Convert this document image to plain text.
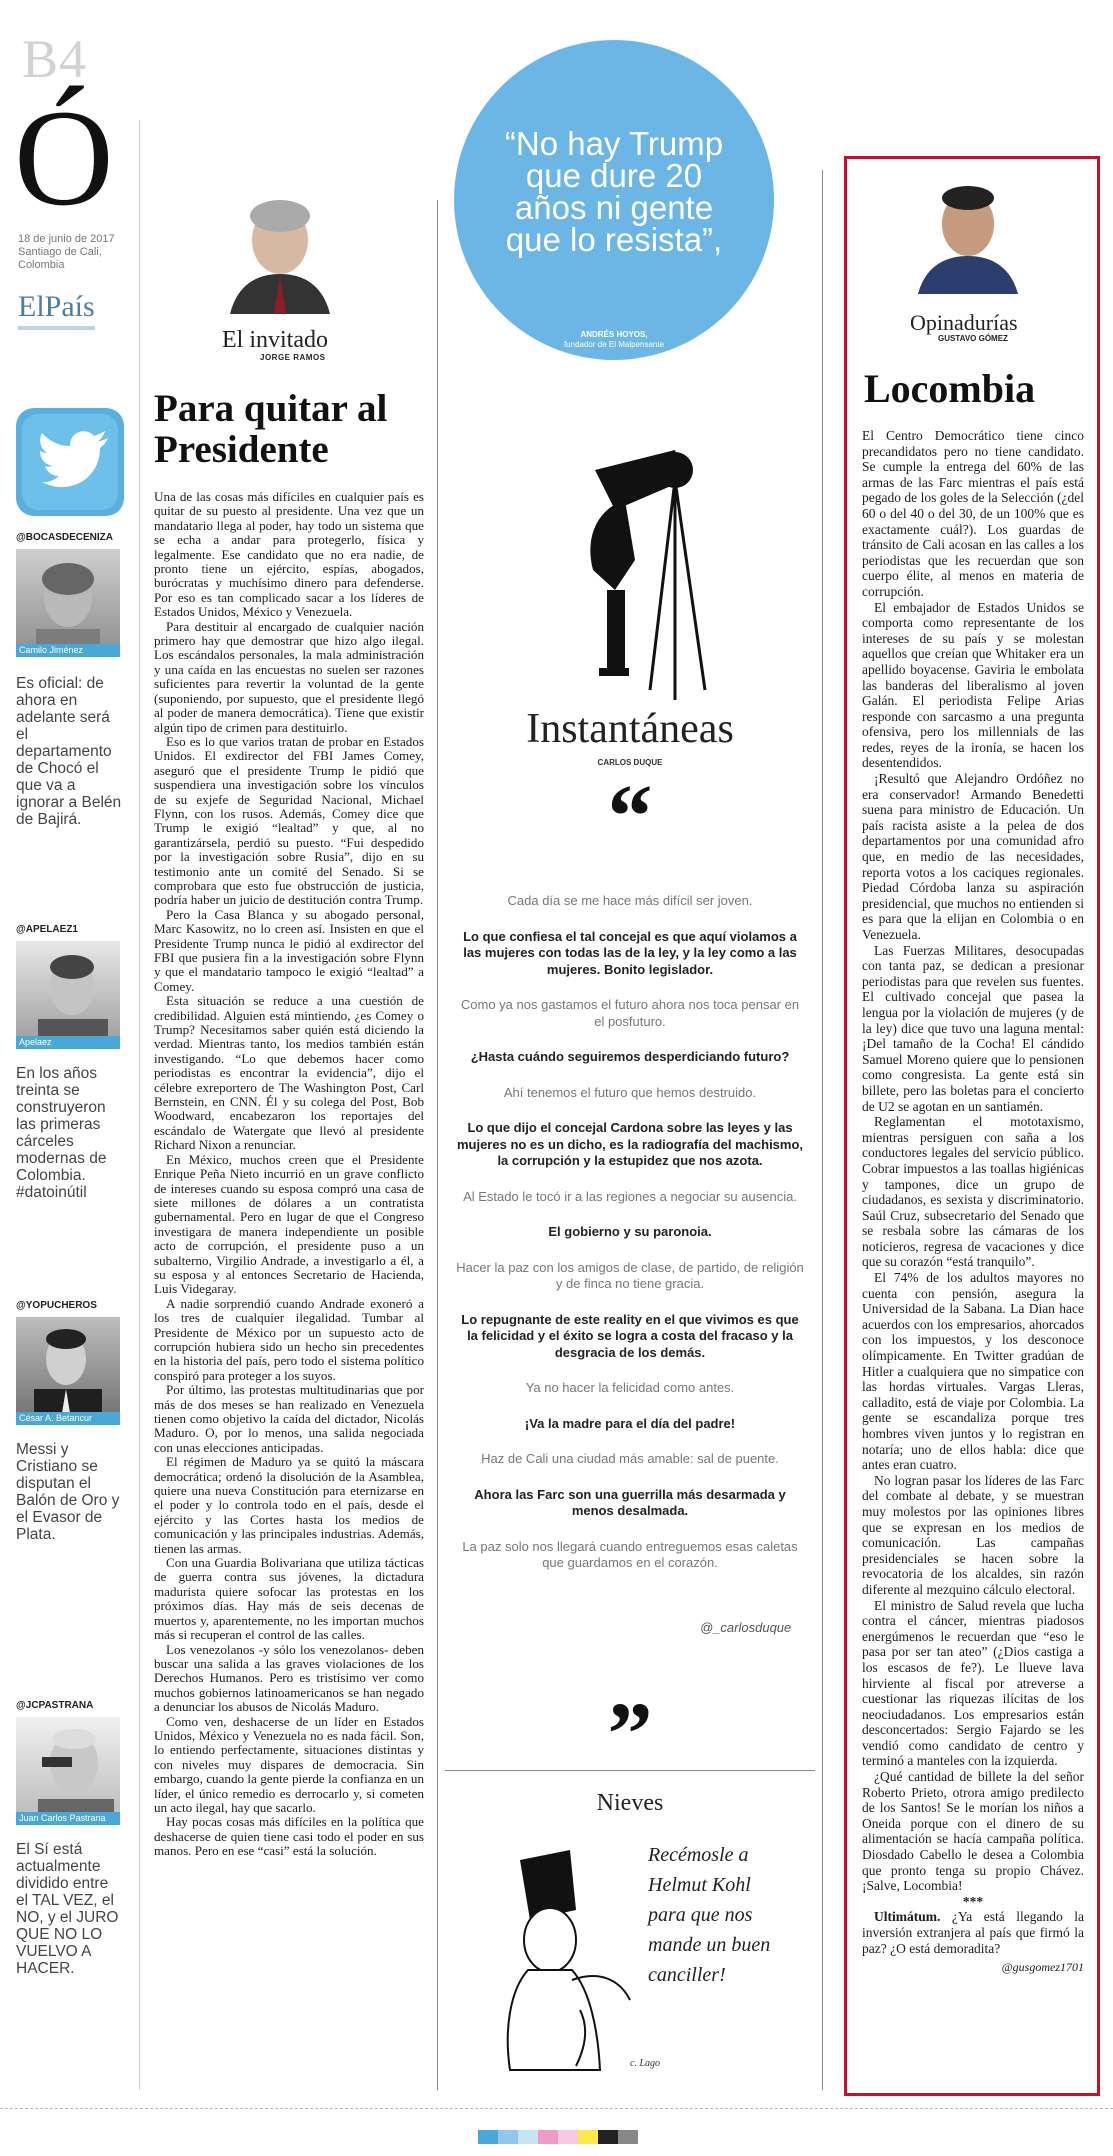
B4
Ó
18 de junio de 2017 Santiago de Cali, Colombia
ElPaís
@BOCASDECENIZA
Camilo Jiménez
Es oficial: de ahora en adelante será el departamento de Chocó el que va a ignorar a Belén de Bajirá.
@APELAEZ1
Apelaez
En los años treinta se construyeron las primeras cárceles modernas de Colombia. #datoinútil
@YOPUCHEROS
César A. Betancur
Messi y Cristiano se disputan el Balón de Oro y el Evasor de Plata.
@JCPASTRANA
Juan Carlos Pastrana
El Sí está actualmente dividido entre el TAL VEZ, el NO, y el JURO QUE NO LO VUELVO A HACER.
El invitado
JORGE RAMOS
Para quitar al
Presidente

Una de las cosas más difíciles en cualquier país es quitar de su puesto al presidente. Una vez que un mandatario llega al poder, hay todo un sistema que se echa a andar para protegerlo, física y legalmente. Ese candidato que no era nadie, de pronto tiene un ejército, espías, abogados, burócratas y muchísimo dinero para defenderse. Por eso es tan complicado sacar a los líderes de Estados Unidos, México y Venezuela.

Para destituir al encargado de cualquier nación primero hay que demostrar que hizo algo ilegal. Los escándalos personales, la mala administración y una caída en las encuestas no suelen ser razones suficientes para revertir la voluntad de la gente (suponiendo, por supuesto, que el presidente llegó al poder de manera democrática). Tiene que existir algún tipo de crimen para destituirlo.

Eso es lo que varios tratan de probar en Estados Unidos. El exdirector del FBI James Comey, aseguró que el presidente Trump le pidió que suspendiera una investigación sobre los vínculos de su exjefe de Seguridad Nacional, Michael Flynn, con los rusos. Además, Comey dice que Trump le exigió “lealtad” y que, al no garantizársela, perdió su puesto. “Fui despedido por la investigación sobre Rusia”, dijo en su testimonio ante un comité del Senado. Si se comprobara que esto fue obstrucción de justicia, podría haber un juicio de destitución contra Trump.

Pero la Casa Blanca y su abogado personal, Marc Kasowitz, no lo creen así. Insisten en que el Presidente Trump nunca le pidió al exdirector del FBI que pusiera fin a la investigación sobre Flynn y que el mandatario tampoco le exigió “lealtad” a Comey.

Esta situación se reduce a una cuestión de credibilidad. Alguien está mintiendo, ¿es Comey o Trump? Necesitamos saber quién está diciendo la verdad. Mientras tanto, los medios también están investigando. “Lo que debemos hacer como periodistas es encontrar la evidencia”, dijo el célebre exreportero de The Washington Post, Carl Bernstein, en CNN. Él y su colega del Post, Bob Woodward, encabezaron los reportajes del escándalo de Watergate que llevó al presidente Richard Nixon a renunciar.

En México, muchos creen que el Presidente Enrique Peña Nieto incurrió en un grave conflicto de intereses cuando su esposa compró una casa de siete millones de dólares a un contratista gubernamental. Pero en lugar de que el Congreso investigara de manera independiente un posible acto de corrupción, el presidente puso a un subalterno, Virgilio Andrade, a investigarlo a él, a su esposa y al entonces Secretario de Hacienda, Luis Videgaray.

A nadie sorprendió cuando Andrade exoneró a los tres de cualquier ilegalidad. Tumbar al Presidente de México por un supuesto acto de corrupción hubiera sido un hecho sin precedentes en la historia del país, pero todo el sistema político conspiró para proteger a los suyos.

Por último, las protestas multitudinarias que por más de dos meses se han realizado en Venezuela tienen como objetivo la caída del dictador, Nicolás Maduro. O, por lo menos, una salida negociada con unas elecciones anticipadas.

El régimen de Maduro ya se quitó la máscara democrática; ordenó la disolución de la Asamblea, quiere una nueva Constitución para eternizarse en el poder y lo controla todo en el país, desde el ejército y las Cortes hasta los medios de comunicación y las principales industrias. Además, tienen las armas.

Con una Guardia Bolivariana que utiliza tácticas de guerra contra sus jóvenes, la dictadura madurista quiere sofocar las protestas en los próximos días. Hay más de seis decenas de muertos y, aparentemente, no les importan muchos más si recuperan el control de las calles.

Los venezolanos -y sólo los venezolanos- deben buscar una salida a las graves violaciones de los Derechos Humanos. Pero es tristísimo ver como muchos gobiernos latinoamericanos se han negado a denunciar los abusos de Nicolás Maduro.

Como ven, deshacerse de un líder en Estados Unidos, México y Venezuela no es nada fácil. Son, lo entiendo perfectamente, situaciones distintas y con niveles muy dispares de democracia. Sin embargo, cuando la gente pierde la confianza en un líder, el único remedio es derrocarlo y, si cometen un acto ilegal, hay que sacarlo.

Hay pocas cosas más difíciles en la política que deshacerse de quien tiene casi todo el poder en sus manos. Pero en ese “casi” está la solución.

“No hay Trump que dure 20 años ni gente que lo resista”,
ANDRÉS HOYOS,
fundador de El Malpensante
Instantáneas
CARLOS DUQUE
“

Cada día se me hace más difícil ser joven.

Lo que confiesa el tal concejal es que aquí violamos a las mujeres con todas las de la ley, y la ley como a las mujeres. Bonito legislador.

Como ya nos gastamos el futuro ahora nos toca pensar en el posfuturo.

¿Hasta cuándo seguiremos desperdiciando futuro?

Ahí tenemos el futuro que hemos destruido.

Lo que dijo el concejal Cardona sobre las leyes y las mujeres no es un dicho, es la radiografía del machismo, la corrupción y la estupidez que nos azota.

Al Estado le tocó ir a las regiones a negociar su ausencia.

El gobierno y su paronoia.

Hacer la paz con los amigos de clase, de partido, de religión y de finca no tiene gracia.

Lo repugnante de este reality en el que vivimos es que la felicidad y el éxito se logra a costa del fracaso y la desgracia de los demás.

Ya no hacer la felicidad como antes.

¡Va la madre para el día del padre!

Haz de Cali una ciudad más amable: sal de puente.

Ahora las Farc son una guerrilla más desarmada y menos desalmada.

La paz solo nos llegará cuando entreguemos esas caletas que guardamos en el corazón.

@_carlosduque
”
Nieves
Recémosle a Helmut Kohl para que nos mande un buen canciller!
c. Lago
Opinadurías
GUSTAVO GÓMEZ
Locombia

El Centro Democrático tiene cinco precandidatos pero no tiene candidato. Se cumple la entrega del 60% de las armas de las Farc mientras el país está pegado de los goles de la Selección (¿del 60 o del 40 o del 30, de un 100% que es exactamente cuál?). Los guardas de tránsito de Cali acosan en las calles a los periodistas que les recuerdan que son cuerpo élite, al menos en materia de corrupción.

El embajador de Estados Unidos se comporta como representante de los intereses de su país y se molestan aquellos que creían que Whitaker era un apellido boyacense. Gaviria le embolata las banderas del liberalismo al joven Galán. El periodista Felipe Arias responde con sarcasmo a una pregunta ofensiva, pero los millennials de las redes, reyes de la ironía, se hacen los desentendidos.

¡Resultó que Alejandro Ordóñez no era conservador! Armando Benedetti suena para ministro de Educación. Un país racista asiste a la pelea de dos departamentos por una comunidad afro que, en medio de las necesidades, reporta votos a los caciques regionales. Piedad Córdoba lanza su aspiración presidencial, que muchos no entienden si es para que la elijan en Colombia o en Venezuela.

Las Fuerzas Militares, desocupadas con tanta paz, se dedican a presionar periodistas para que revelen sus fuentes. El cultivado concejal que pasea la lengua por la violación de mujeres (y de la ley) dice que tuvo una laguna mental: ¡Del tamaño de la Cocha! El cándido Samuel Moreno quiere que lo pensionen como congresista. La gente está sin billete, pero las boletas para el concierto de U2 se agotan en un santiamén.

Reglamentan el mototaxismo, mientras persiguen con saña a los conductores legales del servicio público. Cobrar impuestos a las toallas higiénicas y tampones, dice un grupo de ciudadanos, es sexista y discriminatorio. Saúl Cruz, subsecretario del Senado que se resbala sobre las cámaras de los noticieros, regresa de vacaciones y dice que su corazón “está tranquilo”.

El 74% de los adultos mayores no cuenta con pensión, asegura la Universidad de la Sabana. La Dian hace acuerdos con los empresarios, ahorcados con los impuestos, y los desconoce olímpicamente. En Twitter gradúan de Hitler a cualquiera que no simpatice con las hordas virtuales. Vargas Lleras, calladito, está de viaje por Colombia. La gente se escandaliza porque tres hombres viven juntos y lo registran en notaría; uno de ellos habla: dice que antes eran cuatro.

No logran pasar los líderes de las Farc del combate al debate, y se muestran muy molestos por las opiniones libres que se expresan en los medios de comunicación. Las campañas presidenciales se hacen sobre la revocatoria de los alcaldes, sin razón diferente al mezquino cálculo electoral.

El ministro de Salud revela que lucha contra el cáncer, mientras piadosos energúmenos le recuerdan que “eso le pasa por ser tan ateo” (¿Dios castiga a los escasos de fe?). Le llueve lava hirviente al fiscal por atreverse a cuestionar las riquezas ilícitas de los neociudadanos. Los empresarios están desconcertados: Sergio Fajardo se les vendió como candidato de centro y terminó a manteles con la izquierda.

¿Qué cantidad de billete la del señor Roberto Prieto, otrora amigo predilecto de los Santos! Se le morían los niños a Oneida porque con el dinero de su alimentación se hacía campaña política. Diosdado Cabello le desea a Colombia que pronto tenga su propio Chávez. ¡Salve, Locombia!

***
Ultimátum. ¿Ya está llegando la inversión extranjera al país que firmó la paz? ¿O está demoradita?
@gusgomez1701
